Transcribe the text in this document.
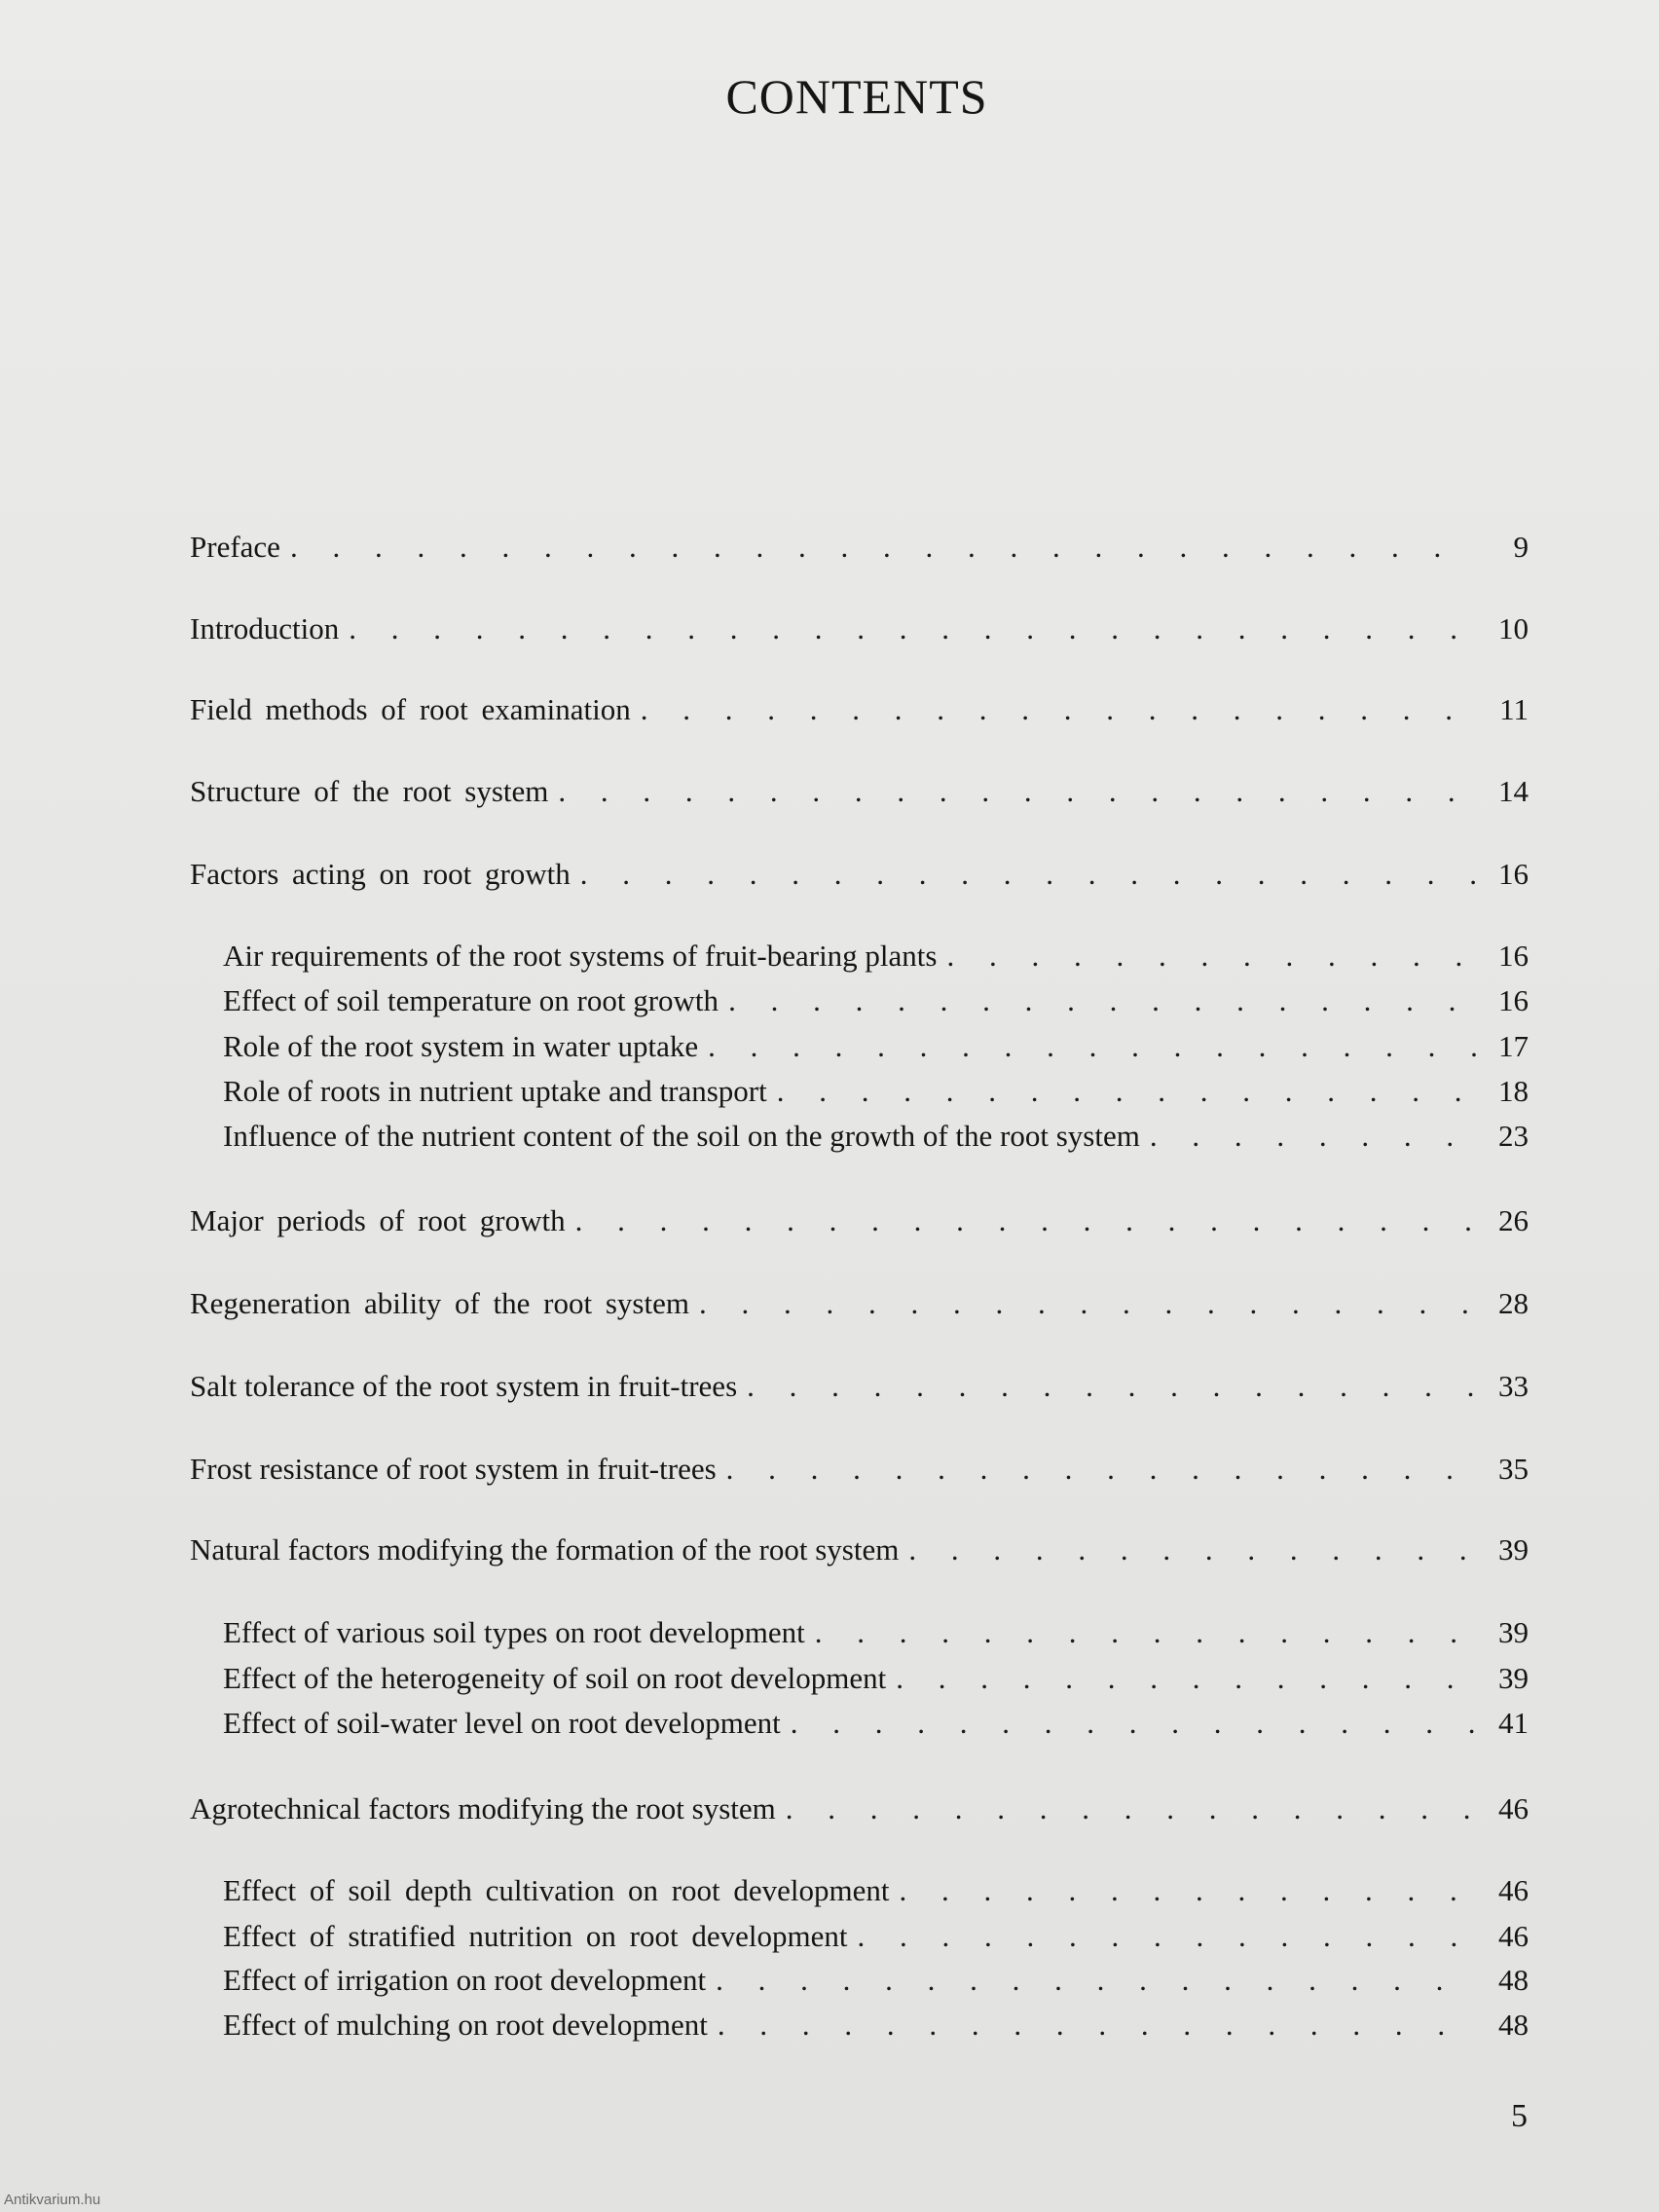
CONTENTS
Preface . . .	9
Introduction . . .	10
Field methods of root examination . . .	11
Structure of the root system . . .	14
Factors acting on root growth . . .	16
Air requirements of the root systems of fruit-bearing plants . . .	16
Effect of soil temperature on root growth . . .	16
Role of the root system in water uptake . . .	17
Role of roots in nutrient uptake and transport . . .	18
Influence of the nutrient content of the soil on the growth of the root system . . .	23
Major periods of root growth . . .	26
Regeneration ability of the root system . . .	28
Salt tolerance of the root system in fruit-trees . . .	33
Frost resistance of root system in fruit-trees . . .	35
Natural factors modifying the formation of the root system . . .	39
Effect of various soil types on root development . . .	39
Effect of the heterogeneity of soil on root development . . .	39
Effect of soil-water level on root development . . .	41
Agrotechnical factors modifying the root system . . .	46
Effect of soil depth cultivation on root development . . .	46
Effect of stratified nutrition on root development . . .	46
Effect of irrigation on root development . . .	48
Effect of mulching on root development . . .	48
5
Antikvarium.hu
